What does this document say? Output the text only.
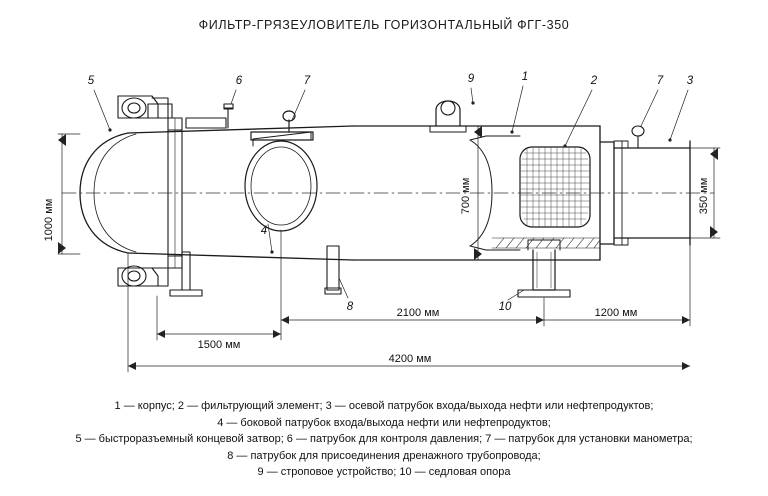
ФИЛЬТР-ГРЯЗЕУЛОВИТЕЛЬ ГОРИЗОНТАЛЬНЫЙ ФГГ-350
1000 мм
700 мм	350 мм
1500 мм
2100 мм	1200 мм
4200 мм
5	6	7	9	1	2	7 3
4
8	10
1 — корпус; 2 — фильтрующий элемент; 3 — осевой патрубок входа/выхода нефти или нефтепродуктов;
4 — боковой патрубок входа/выхода нефти или нефтепродуктов;
5 — быстроразъемный концевой затвор; 6 — патрубок для контроля давления; 7 — патрубок для установки манометра;
8 — патрубок для присоединения дренажного трубопровода;
9 — строповое устройство; 10 — седловая опора
